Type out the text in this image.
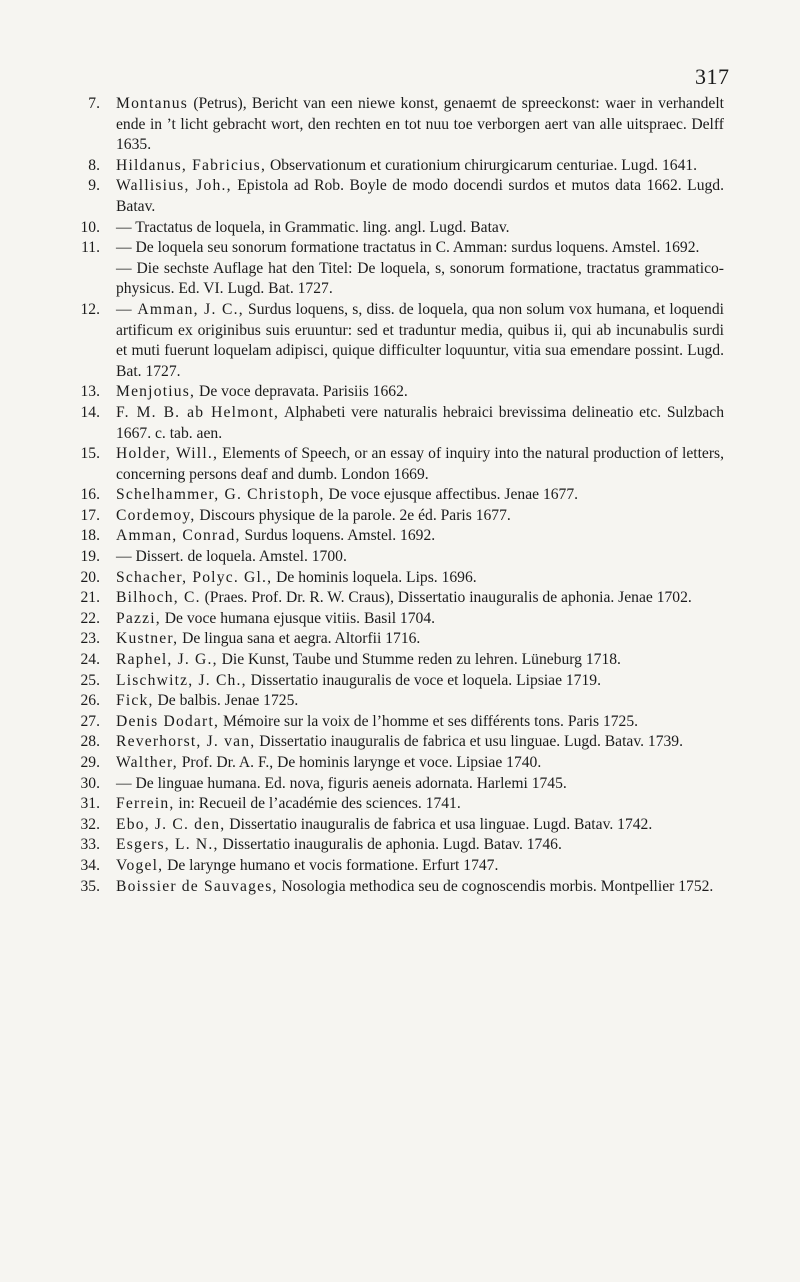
317
7. Montanus (Petrus), Bericht van een niewe konst, genaemt de spreeckonst: waer in verhandelt ende in ’t licht gebracht wort, den rechten en tot nuu toe verborgen aert van alle uitspraec. Delff 1635.
8. Hildanus, Fabricius, Observationum et curationium chirurgicarum centuriae. Lugd. 1641.
9. Wallisius, Joh., Epistola ad Rob. Boyle de modo docendi surdos et mutos data 1662. Lugd. Batav.
10. — Tractatus de loquela, in Grammatic. ling. angl. Lugd. Batav.
11. — De loquela seu sonorum formatione tractatus in C. Amman: surdus loquens. Amstel. 1692.
— Die sechste Auflage hat den Titel: De loquela, s, sonorum formatione, tractatus grammatico-physicus. Ed. VI. Lugd. Bat. 1727.
12. — Amman, J. C., Surdus loquens, s, diss. de loquela, qua non solum vox humana, et loquendi artificum ex originibus suis eruuntur: sed et traduntur media, quibus ii, qui ab incunabulis surdi et muti fuerunt loquelam adipisci, quique difficulter loquuntur, vitia sua emendare possint. Lugd. Bat. 1727.
13. Menjotius, De voce depravata. Parisiis 1662.
14. F. M. B. ab Helmont, Alphabeti vere naturalis hebraici brevissima delineatio etc. Sulzbach 1667. c. tab. aen.
15. Holder, Will., Elements of Speech, or an essay of inquiry into the natural production of letters, concerning persons deaf and dumb. London 1669.
16. Schelhammer, G. Christoph, De voce ejusque affectibus. Jenae 1677.
17. Cordemoy, Discours physique de la parole. 2e éd. Paris 1677.
18. Amman, Conrad, Surdus loquens. Amstel. 1692.
19. — Dissert. de loquela. Amstel. 1700.
20. Schacher, Polyc. Gl., De hominis loquela. Lips. 1696.
21. Bilhoch, C. (Praes. Prof. Dr. R. W. Craus), Dissertatio inauguralis de aphonia. Jenae 1702.
22. Pazzi, De voce humana ejusque vitiis. Basil 1704.
23. Kustner, De lingua sana et aegra. Altorfii 1716.
24. Raphel, J. G., Die Kunst, Taube und Stumme reden zu lehren. Lüneburg 1718.
25. Lischwitz, J. Ch., Dissertatio inauguralis de voce et loquela. Lipsiae 1719.
26. Fick, De balbis. Jenae 1725.
27. Denis Dodart, Mémoire sur la voix de l’homme et ses différents tons. Paris 1725.
28. Reverhorst, J. van, Dissertatio inauguralis de fabrica et usu linguae. Lugd. Batav. 1739.
29. Walther, Prof. Dr. A. F., De hominis larynge et voce. Lipsiae 1740.
30. — De linguae humana. Ed. nova, figuris aeneis adornata. Harlemi 1745.
31. Ferrein, in: Recueil de l’académie des sciences. 1741.
32. Ebo, J. C. den, Dissertatio inauguralis de fabrica et usa linguae. Lugd. Batav. 1742.
33. Esgers, L. N., Dissertatio inauguralis de aphonia. Lugd. Batav. 1746.
34. Vogel, De larynge humano et vocis formatione. Erfurt 1747.
35. Boissier de Sauvages, Nosologia methodica seu de cognoscendis morbis. Montpellier 1752.
